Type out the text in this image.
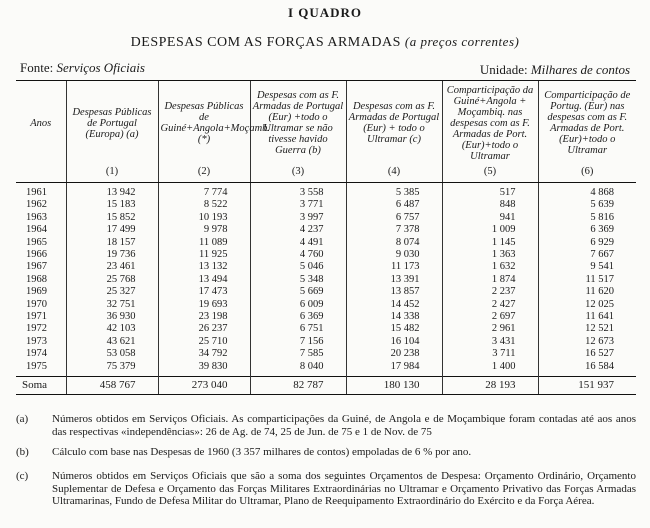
I QUADRO
DESPESAS COM AS FORÇAS ARMADAS (a preços correntes)
Fonte: Serviços Oficiais	Unidade: Milhares de contos
Anos	Despesas Públicas de Portugal (Europa) (a)	Despesas Públicas de Guiné+Angola+Moçamb. (*)	Despesas com as F. Armadas de Portugal (Eur) +todo o Ultramar se não tivesse havido Guerra (b)	Despesas com as F. Armadas de Portugal (Eur) + todo o Ultramar (c)	Comparticipação da Guiné+Angola + Moçambiq. nas despesas com as F. Armadas de Port. (Eur)+todo o Ultramar	Comparticipação de Portug. (Eur) nas despesas com as F. Armadas de Port. (Eur)+todo o Ultramar
	(1)	(2)	(3)	(4)	(5)	(6)
1961	13 942	7 774	3 558	5 385	517	4 868
1962	15 183	8 522	3 771	6 487	848	5 639
1963	15 852	10 193	3 997	6 757	941	5 816
1964	17 499	9 978	4 237	7 378	1 009	6 369
1965	18 157	11 089	4 491	8 074	1 145	6 929
1966	19 736	11 925	4 760	9 030	1 363	7 667
1967	23 461	13 132	5 046	11 173	1 632	9 541
1968	25 768	13 494	5 348	13 391	1 874	11 517
1969	25 327	17 473	5 669	13 857	2 237	11 620
1970	32 751	19 693	6 009	14 452	2 427	12 025
1971	36 930	23 198	6 369	14 338	2 697	11 641
1972	42 103	26 237	6 751	15 482	2 961	12 521
1973	43 621	25 710	7 156	16 104	3 431	12 673
1974	53 058	34 792	7 585	20 238	3 711	16 527
1975	75 379	39 830	8 040	17 984	1 400	16 584
Soma	458 767	273 040	82 787	180 130	28 193	151 937
(a) Números obtidos em Serviços Oficiais. As comparticipações da Guiné, de Angola e de Moçambique foram contadas até aos anos das respectivas «independências»: 26 de Ag. de 74, 25 de Jun. de 75 e 1 de Nov. de 75
(b) Cálculo com base nas Despesas de 1960 (3 357 milhares de contos) empoladas de 6 % por ano.
(c) Números obtidos em Serviços Oficiais que são a soma dos seguintes Orçamentos de Despesa: Orçamento Ordinário, Orçamento Suplementar de Defesa e Orçamento das Forças Militares Extraordinárias no Ultramar e Orçamento Privativo das Forças Armadas Ultramarinas, Fundo de Defesa Militar do Ultramar, Plano de Reequipamento Extraordinário do Exército e da Força Aérea.
